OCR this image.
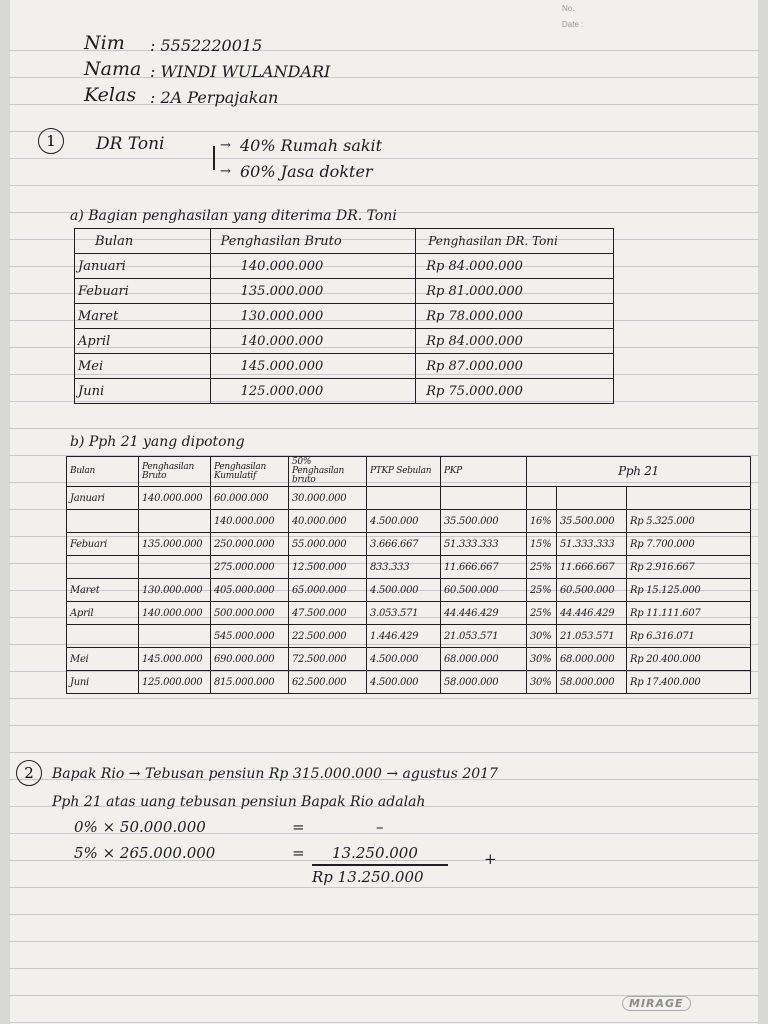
No.
Date :
Nim : 5552220015
Nama : WINDI WULANDARI
Kelas : 2A Perpajakan
1	DR Toni	→
→
40% Rumah sakit
60% Jasa dokter
a) Bagian penghasilan yang diterima DR. Toni
Bulan	Penghasilan Bruto	Penghasilan DR. Toni
Januari	140.000.000	Rp 84.000.000
Febuari	135.000.000	Rp 81.000.000
Maret	130.000.000	Rp 78.000.000
April	140.000.000	Rp 84.000.000
Mei	145.000.000	Rp 87.000.000
Juni	125.000.000	Rp 75.000.000
b) Pph 21 yang dipotong
Bulan	Penghasilan Bruto	Penghasilan Kumulatif	50% Penghasilan bruto	PTKP Sebulan	PKP	Pph 21		
Januari	140.000.000	60.000.000	30.000.000					
		140.000.000	40.000.000	4.500.000	35.500.000	16%	35.500.000	Rp 5.325.000
Febuari	135.000.000	250.000.000	55.000.000	3.666.667	51.333.333	15%	51.333.333	Rp 7.700.000
		275.000.000	12.500.000	833.333	11.666.667	25%	11.666.667	Rp 2.916.667
Maret	130.000.000	405.000.000	65.000.000	4.500.000	60.500.000	25%	60.500.000	Rp 15.125.000
April	140.000.000	500.000.000	47.500.000	3.053.571	44.446.429	25%	44.446.429	Rp 11.111.607
		545.000.000	22.500.000	1.446.429	21.053.571	30%	21.053.571	Rp 6.316.071
Mei	145.000.000	690.000.000	72.500.000	4.500.000	68.000.000	30%	68.000.000	Rp 20.400.000
Juni	125.000.000	815.000.000	62.500.000	4.500.000	58.000.000	30%	58.000.000	Rp 17.400.000
2	Bapak Rio → Tebusan pensiun Rp 315.000.000 → agustus 2017
Pph 21 atas uang tebusan pensiun Bapak Rio adalah
0% × 50.000.000	=	–
5% × 265.000.000	= 13.250.000	+
Rp 13.250.000
MIRAGE
